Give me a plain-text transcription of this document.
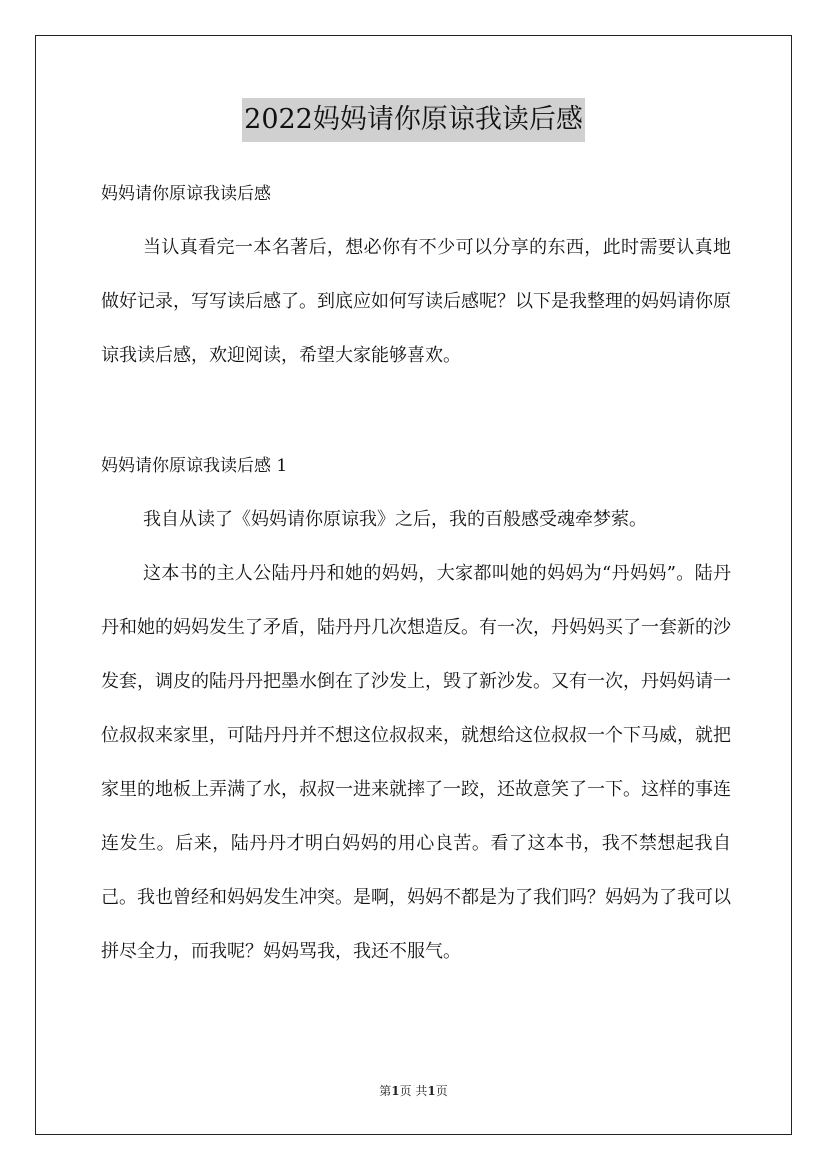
2022妈妈请你原谅我读后感
妈妈请你原谅我读后感

当认真看完一本名著后，想必你有不少可以分享的东西，此时需要认真地做好记录，写写读后感了。到底应如何写读后感呢？以下是我整理的妈妈请你原谅我读后感，欢迎阅读，希望大家能够喜欢。

妈妈请你原谅我读后感 1

我自从读了《妈妈请你原谅我》之后，我的百般感受魂牵梦萦。

这本书的主人公陆丹丹和她的妈妈，大家都叫她的妈妈为“丹妈妈”。陆丹丹和她的妈妈发生了矛盾，陆丹丹几次想造反。有一次，丹妈妈买了一套新的沙发套，调皮的陆丹丹把墨水倒在了沙发上，毁了新沙发。又有一次，丹妈妈请一位叔叔来家里，可陆丹丹并不想这位叔叔来，就想给这位叔叔一个下马威，就把家里的地板上弄满了水，叔叔一进来就摔了一跤，还故意笑了一下。这样的事连连发生。后来，陆丹丹才明白妈妈的用心良苦。看了这本书，我不禁想起我自己。我也曾经和妈妈发生冲突。是啊，妈妈不都是为了我们吗？妈妈为了我可以拼尽全力，而我呢？妈妈骂我，我还不服气。

第1页 共1页
